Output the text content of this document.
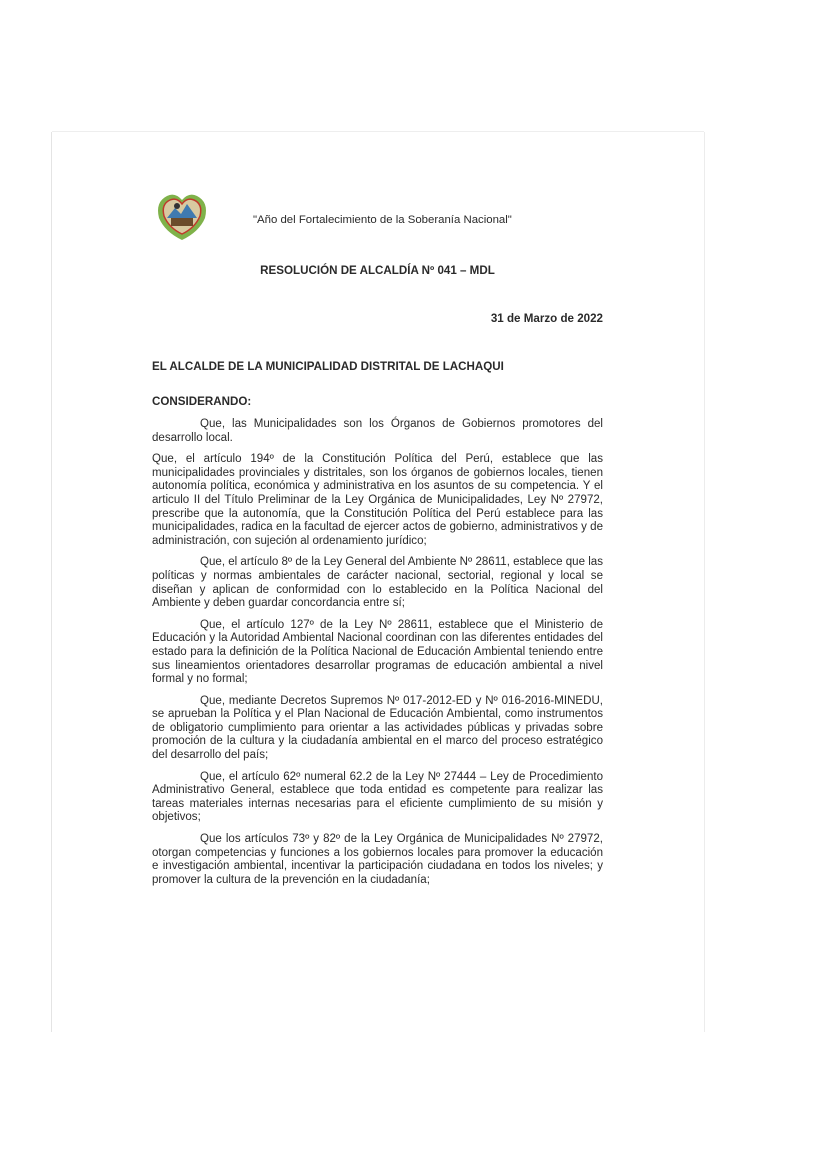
"Año del Fortalecimiento de la Soberanía Nacional"
RESOLUCIÓN DE ALCALDÍA Nº 041 – MDL
31 de Marzo de 2022
EL ALCALDE DE LA MUNICIPALIDAD DISTRITAL DE LACHAQUI
CONSIDERANDO:

Que, las Municipalidades son los Órganos de Gobiernos promotores del desarrollo local.

Que, el artículo 194º de la Constitución Política del Perú, establece que las municipalidades provinciales y distritales, son los órganos de gobiernos locales, tienen autonomía política, económica y administrativa en los asuntos de su competencia. Y el articulo II del Título Preliminar de la Ley Orgánica de Municipalidades, Ley Nº 27972, prescribe que la autonomía, que la Constitución Política del Perú establece para las municipalidades, radica en la facultad de ejercer actos de gobierno, administrativos y de administración, con sujeción al ordenamiento jurídico;

Que, el artículo 8º de la Ley General del Ambiente Nº 28611, establece que las políticas y normas ambientales de carácter nacional, sectorial, regional y local se diseñan y aplican de conformidad con lo establecido en la Política Nacional del Ambiente y deben guardar concordancia entre sí;

Que, el artículo 127º de la Ley Nº 28611, establece que el Ministerio de Educación y la Autoridad Ambiental Nacional coordinan con las diferentes entidades del estado para la definición de la Política Nacional de Educación Ambiental teniendo entre sus lineamientos orientadores desarrollar programas de educación ambiental a nivel formal y no formal;

Que, mediante Decretos Supremos Nº 017-2012-ED y Nº 016-2016-MINEDU, se aprueban la Política y el Plan Nacional de Educación Ambiental, como instrumentos de obligatorio cumplimiento para orientar a las actividades públicas y privadas sobre promoción de la cultura y la ciudadanía ambiental en el marco del proceso estratégico del desarrollo del país;

Que, el artículo 62º numeral 62.2 de la Ley Nº 27444 – Ley de Procedimiento Administrativo General, establece que toda entidad es competente para realizar las tareas materiales internas necesarias para el eficiente cumplimiento de su misión y objetivos;

Que los artículos 73º y 82º de la Ley Orgánica de Municipalidades Nº 27972, otorgan competencias y funciones a los gobiernos locales para promover la educación e investigación ambiental, incentivar la participación ciudadana en todos los niveles; y promover la cultura de la prevención en la ciudadanía;
